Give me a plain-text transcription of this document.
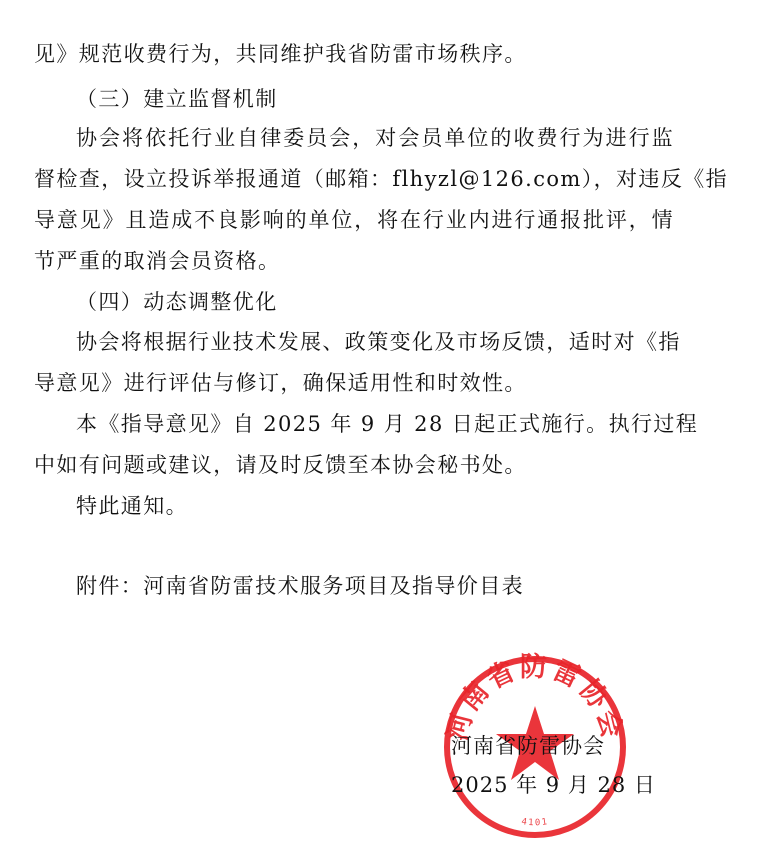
见》规范收费行为，共同维护我省防雷市场秩序。
（三）建立监督机制
协会将依托行业自律委员会，对会员单位的收费行为进行监
督检查，设立投诉举报通道（邮箱：flhyzl@126.com），对违反《指
导意见》且造成不良影响的单位，将在行业内进行通报批评，情
节严重的取消会员资格。
（四）动态调整优化
协会将根据行业技术发展、政策变化及市场反馈，适时对《指
导意见》进行评估与修订，确保适用性和时效性。
本《指导意见》自 2025 年 9 月 28 日起正式施行。执行过程
中如有问题或建议，请及时反馈至本协会秘书处。
特此通知。
附件：河南省防雷技术服务项目及指导价目表
河南省防雷协会
4101
河南省防雷协会
2025 年 9 月 28 日
